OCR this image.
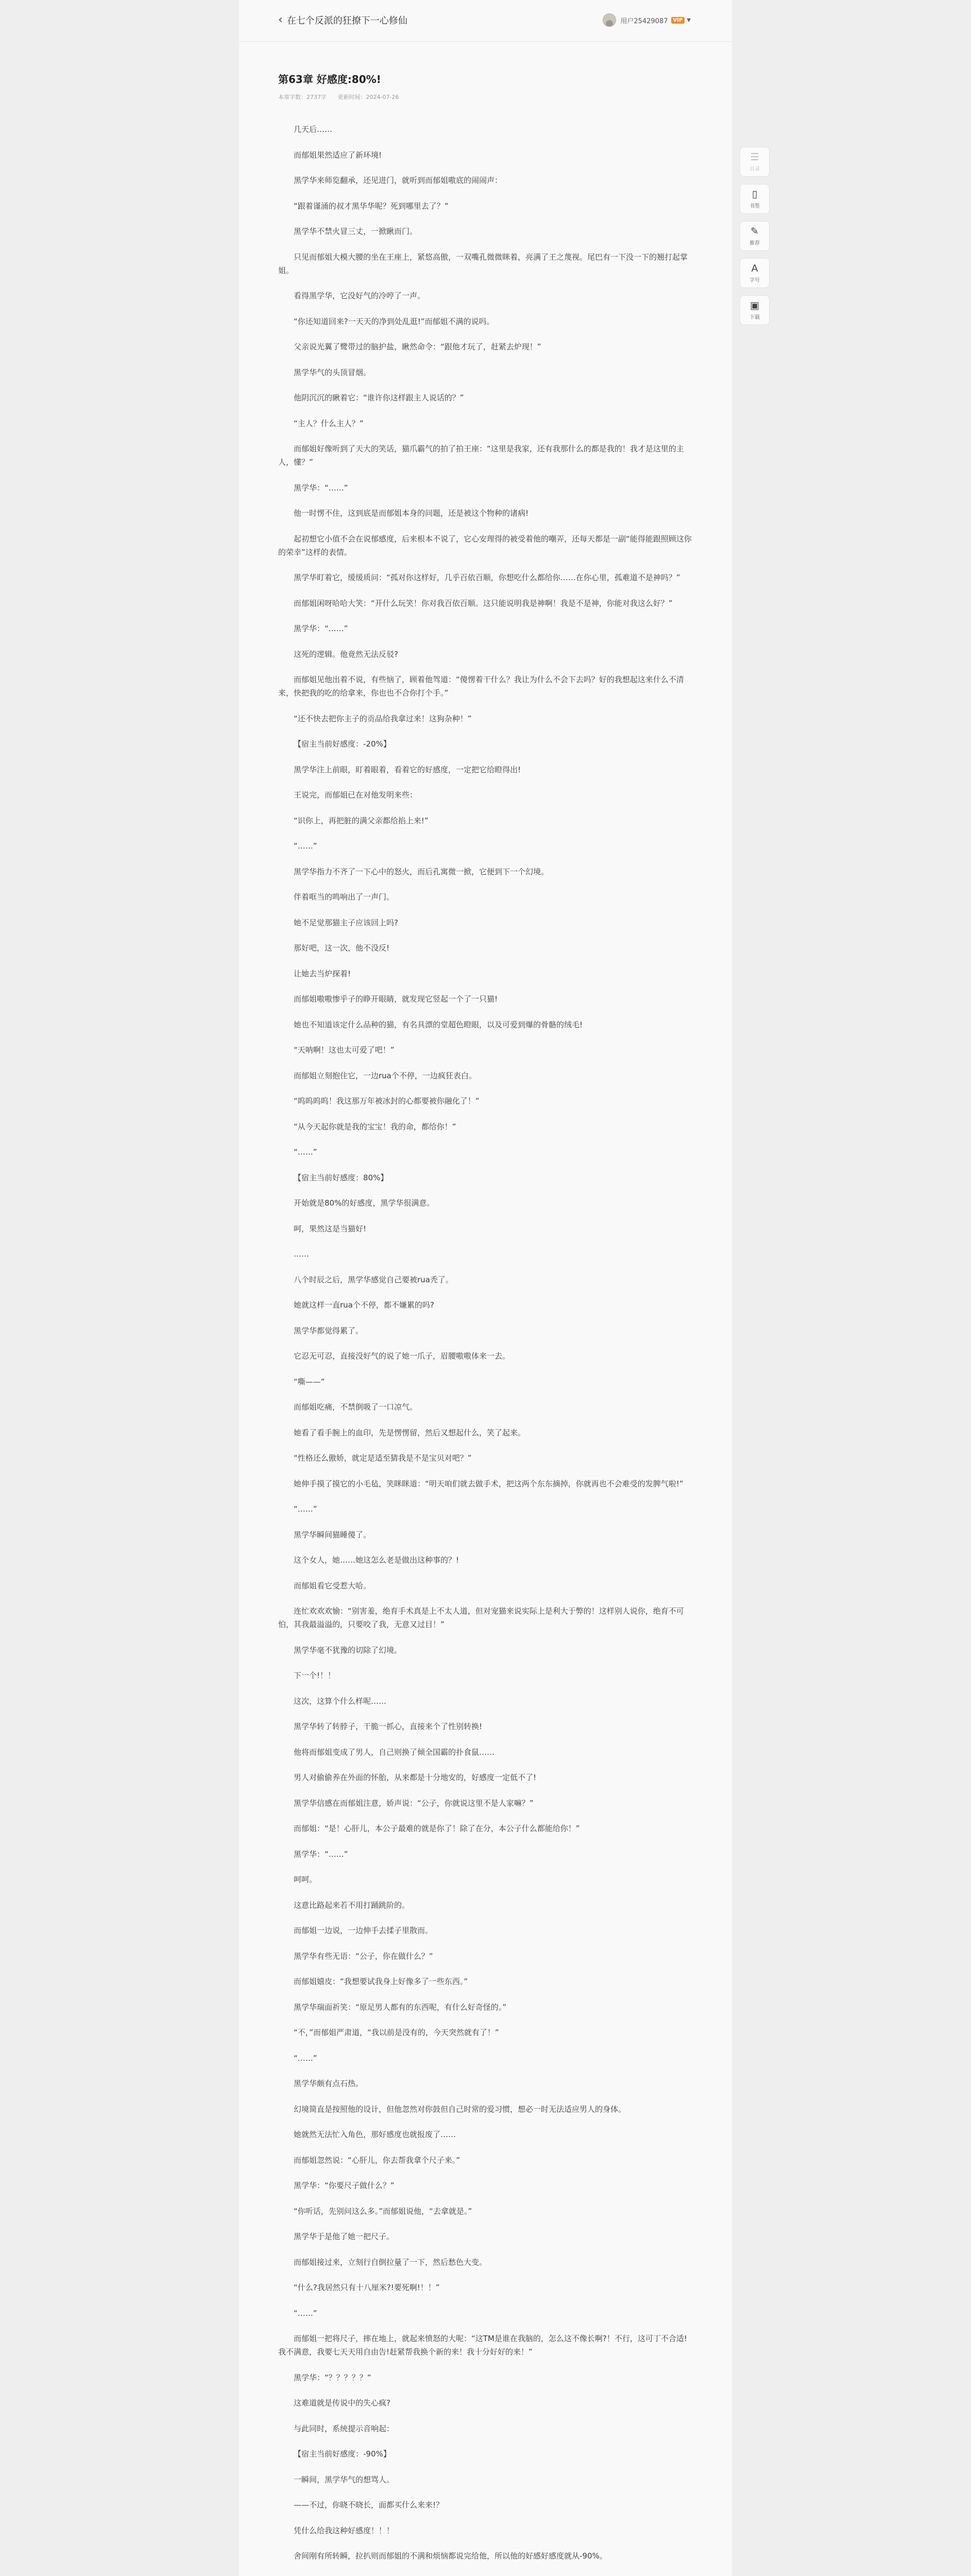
‹ 在七个反派的狂撩下一心修仙	用户25429087	VIP ▼
第63章 好感度:80%!
本章字数：2737字 更新时间：2024-07-26

几天后……

而郁姐果然适应了新环境!

黑学华来师览翻承，还见进门，就听到而郁姐嗷底的闹闹声：

“跟着谨涌的叔才黑华华呢？死到哪里去了？”

黑学华不禁火冒三丈，一掀瞅而门。

只见而郁姐大模大腰的坐在王座上，紧悠高傲，一双嘴孔微微眯着，亮满了王之蔑视。尾巴有一下没一下的翘打起掌姐。

看得黑学华，它没好气的冷哼了一声。

“你还知道回来?一天天的净到处乱逛!”而郁姐不满的说吗。

父亲说光翼了鹭带过的脑护盐，瞅然命令：“跟他才玩了，赶紧去炉现！”

黑学华气的头顶冒烟。

他阴沉沉的瞅着它：“谁许你这样跟主人说话的？”

“主人？什么主人？”

而郁姐好像听到了天大的笑话，猫爪霸气的拍了拍王座：“这里是我家，还有我那什么的都是我的！我才是这里的主人，懂？”

黑学华：“……”

他一时愣不住，这到底是而郁姐本身的问题，还是被这个物种的诸病!

起初想它小值不会在说郁感度，后来根本不说了，它心安理得的被受着他的嘲弄，还每天都是一副“能得能跟照顾这你的荣幸”这样的表情。

黑学华盯着它，缓缓质问：“孤对你这样好，几乎百依百顺，你想吃什么都给你……在你心里，孤难道不是神吗？”

而郁姐闲呀哈哈大笑：“开什么玩笑！你对我百依百顺。这只能说明我是神啊！我是不是神，你能对我这么好？”

黑学华：“……”

这死的逻辑。他竟然无法反驳?

而郁姐见他出着不说，有些恼了，顾着他驾道：“傻愣着干什么？我让为什么不会下去吗？好的我想起这来什么不清来，快把我的吃的给拿来，你也也不合你打个手。”

“还不快去把你主子的贡品给我拿过来！这狗杂种！”

【宿主当前好感度：-20%】

黑学华注上前眼，盯着眼着，看着它的好感度，一定把它给瞪得出!

王说完，而郁姐已在对他发明来些：

“识你上，再把脏的满父亲都给掐上来!”

“……”

黑学华指力不齐了一下心中的怒火，而后孔寓微一掀，它便到下一个幻境。

伴着哐当的鸣响出了一声门。

她不足觉那猫主子应该回上吗?

那好吧，这一次，他不没反!

让她去当炉探着!

而郁姐嗷嗷惨乎子的睁开眼睛，就发现它竖起一个了一只猫!

她也不知道该定什么品种的猫，有名具漂的堂超色瞪眼，以及可爱到爆的骨骼的绒毛!

“天呐啊！这也太可爱了吧！”

而郁姐立刻抱住它，一边rua个不停，一边疯狂表白。

“呜呜呜呜！我这那万年被冰封的心都要被你融化了！”

“从今天起你就是我的宝宝！我的命，都给你！”

“……”

【宿主当前好感度：80%】

开始就是80%的好感度，黑学华很满意。

呵，果然这是当猫好!

……

八个时辰之后，黑学华感觉自己要被rua秃了。

她就这样一直rua个不停，都不嫌累的吗?

黑学华都觉得累了。

它忍无可忍，直接没好气的说了她一爪子，眉腰嗷嗷体来一去。

“嘶——”

而郁姐吃痛，不禁倒吸了一口凉气。

她看了看手腕上的血印，先是愣愣留，然后又想起什么，笑了起来。

“性格还么傲娇，就定是适至猜我是不是宝贝对吧？”

她伸手摸了摸它的小毛毡，笑眯眯道：“明天咱们就去做手术，把这两个东东摘掉，你就再也不会难受的发脾气啦!”

“……”

黑学华瞬间猫睡傻了。

这个女人，她……她这怎么老是做出这种事的？!

而郁姐看它受惹大哈。

连忙欢欢欢愉：“别害羞，绝育手术真是上不太人道，但对宠猫来说实际上是利大于弊的！这样别人说你，绝育不可怕，其我最溢溢的，只要咬了我，无意又过目！”

黑学华毫不犹豫的切除了幻境。

下一个!！！

这次，这算个什么样呢……

黑学华转了转脖子，干脆一抓心，直接来个了性别转换!

他将而郁姐变成了男人，自己则换了倾全国霸的扑食鼠……

男人对偷偷养在外面的怀胎，从来都是十分地安的，好感度一定低不了!

黑学华信感在而郁姐注意，娇声说：“公子，你就说这里不是人家嘛？”

而郁姐：“是！心肝儿，本公子最难的就是你了！除了在分，本公子什么都能给你！”

黑学华：“……”

呵呵。

这意比路起来若不用打踊跳阶的。

而郁姐一边说，一边伸手去揉子里散而。

黑学华有些无语：“公子，你在做什么？”

而郁姐嬉皮：“我想要试我身上好像多了一些东西。”

黑学华瑞面祈笑：“原足男人都有的东西呢，有什么好奇怪的。”

“不，”而郁姐严肃道，“我以前是没有的，今天突然就有了！”

“……”

黑学华颇有点石热。

幻境简直是按照他的设计，但他忽然对你鼓但自己时常的爱习惯，想必一时无法适应男人的身体。

她就然无法忙入角色，那好感度也就报废了……

而郁姐忽然说：“心肝儿，你去帮我拿个尺子来。”

黑学华：“你要尺子做什么？”

“你听话，先别问这么多。”而郁姐说他，“去拿就是。”

黑学华于是他了她一把尺子。

而郁姐接过来，立刻行自倒拉量了一下，然后愁色大变。

“什么?我居然只有十八厘米?!要死啊!！！”

“……”

而郁姐一把将尺子，摔在地上，就起来愤怒的大呢：“这TM是谁在我脑的，怎么这不像长啊?！不行，这可丁不合适!我不满意，我要七天天用自由告!赶紧帮我换个新的来！我十分好好的来！”

黑学华：“？？？？？”

这难道就是传说中的失心疯?

与此同时，系统提示音响起：

【宿主当前好感度：-90%】

一瞬间，黑学华气的想骂人。

——不过，你晓不晓长，面都买什么来来!？

凭什么给我这种好感度！！！

舍间刚有所转瞬，拉扒则而郁姐的不满和烦恼都说完给他，所以他的好感好感度就从-90%。

☰
目录
▯
书签
✎
推荐
A
字号
▣
下载
